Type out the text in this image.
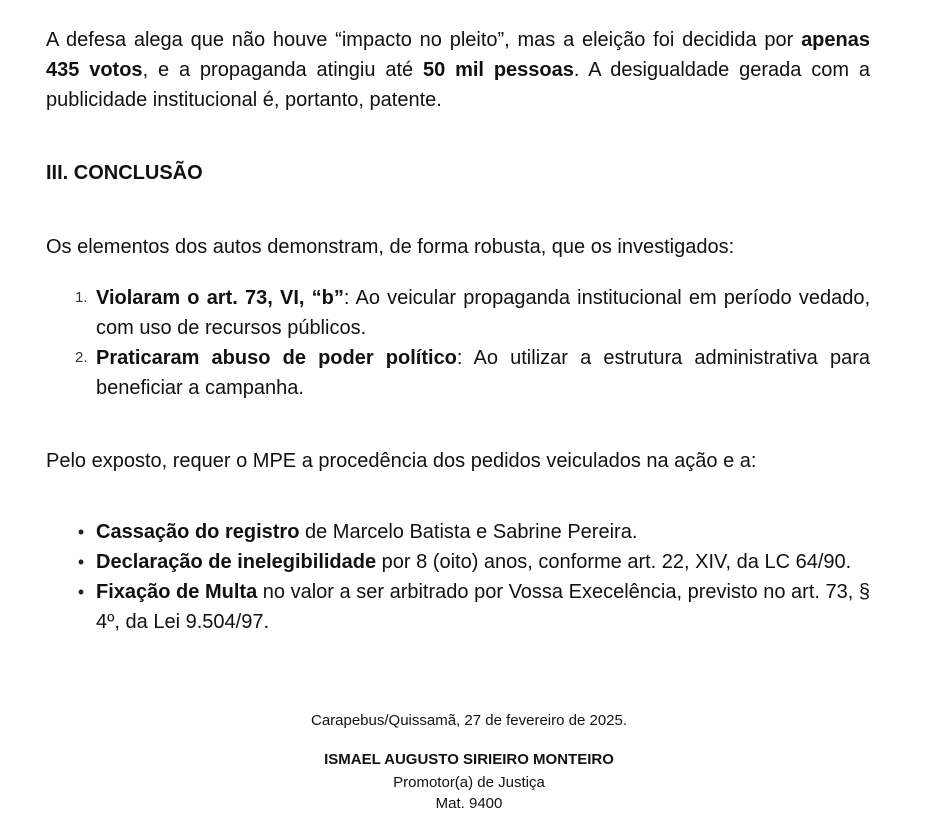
A defesa alega que não houve “impacto no pleito”, mas a eleição foi decidida por apenas 435 votos, e a propaganda atingiu até 50 mil pessoas. A desigualdade gerada com a publicidade institucional é, portanto, patente.

III. CONCLUSÃO

Os elementos dos autos demonstram, de forma robusta, que os investigados:

1. Violaram o art. 73, VI, “b”: Ao veicular propaganda institucional em período vedado, com uso de recursos públicos.
2. Praticaram abuso de poder político: Ao utilizar a estrutura administrativa para beneficiar a campanha.

Pelo exposto, requer o MPE a procedência dos pedidos veiculados na ação e a:

• Cassação do registro de Marcelo Batista e Sabrine Pereira.
• Declaração de inelegibilidade por 8 (oito) anos, conforme art. 22, XIV, da LC 64/90.
• Fixação de Multa no valor a ser arbitrado por Vossa Execelência, previsto no art. 73, § 4º, da Lei 9.504/97.

Carapebus/Quissamã, 27 de fevereiro de 2025.

ISMAEL AUGUSTO SIRIEIRO MONTEIRO

Promotor(a) de Justiça

Mat. 9400
